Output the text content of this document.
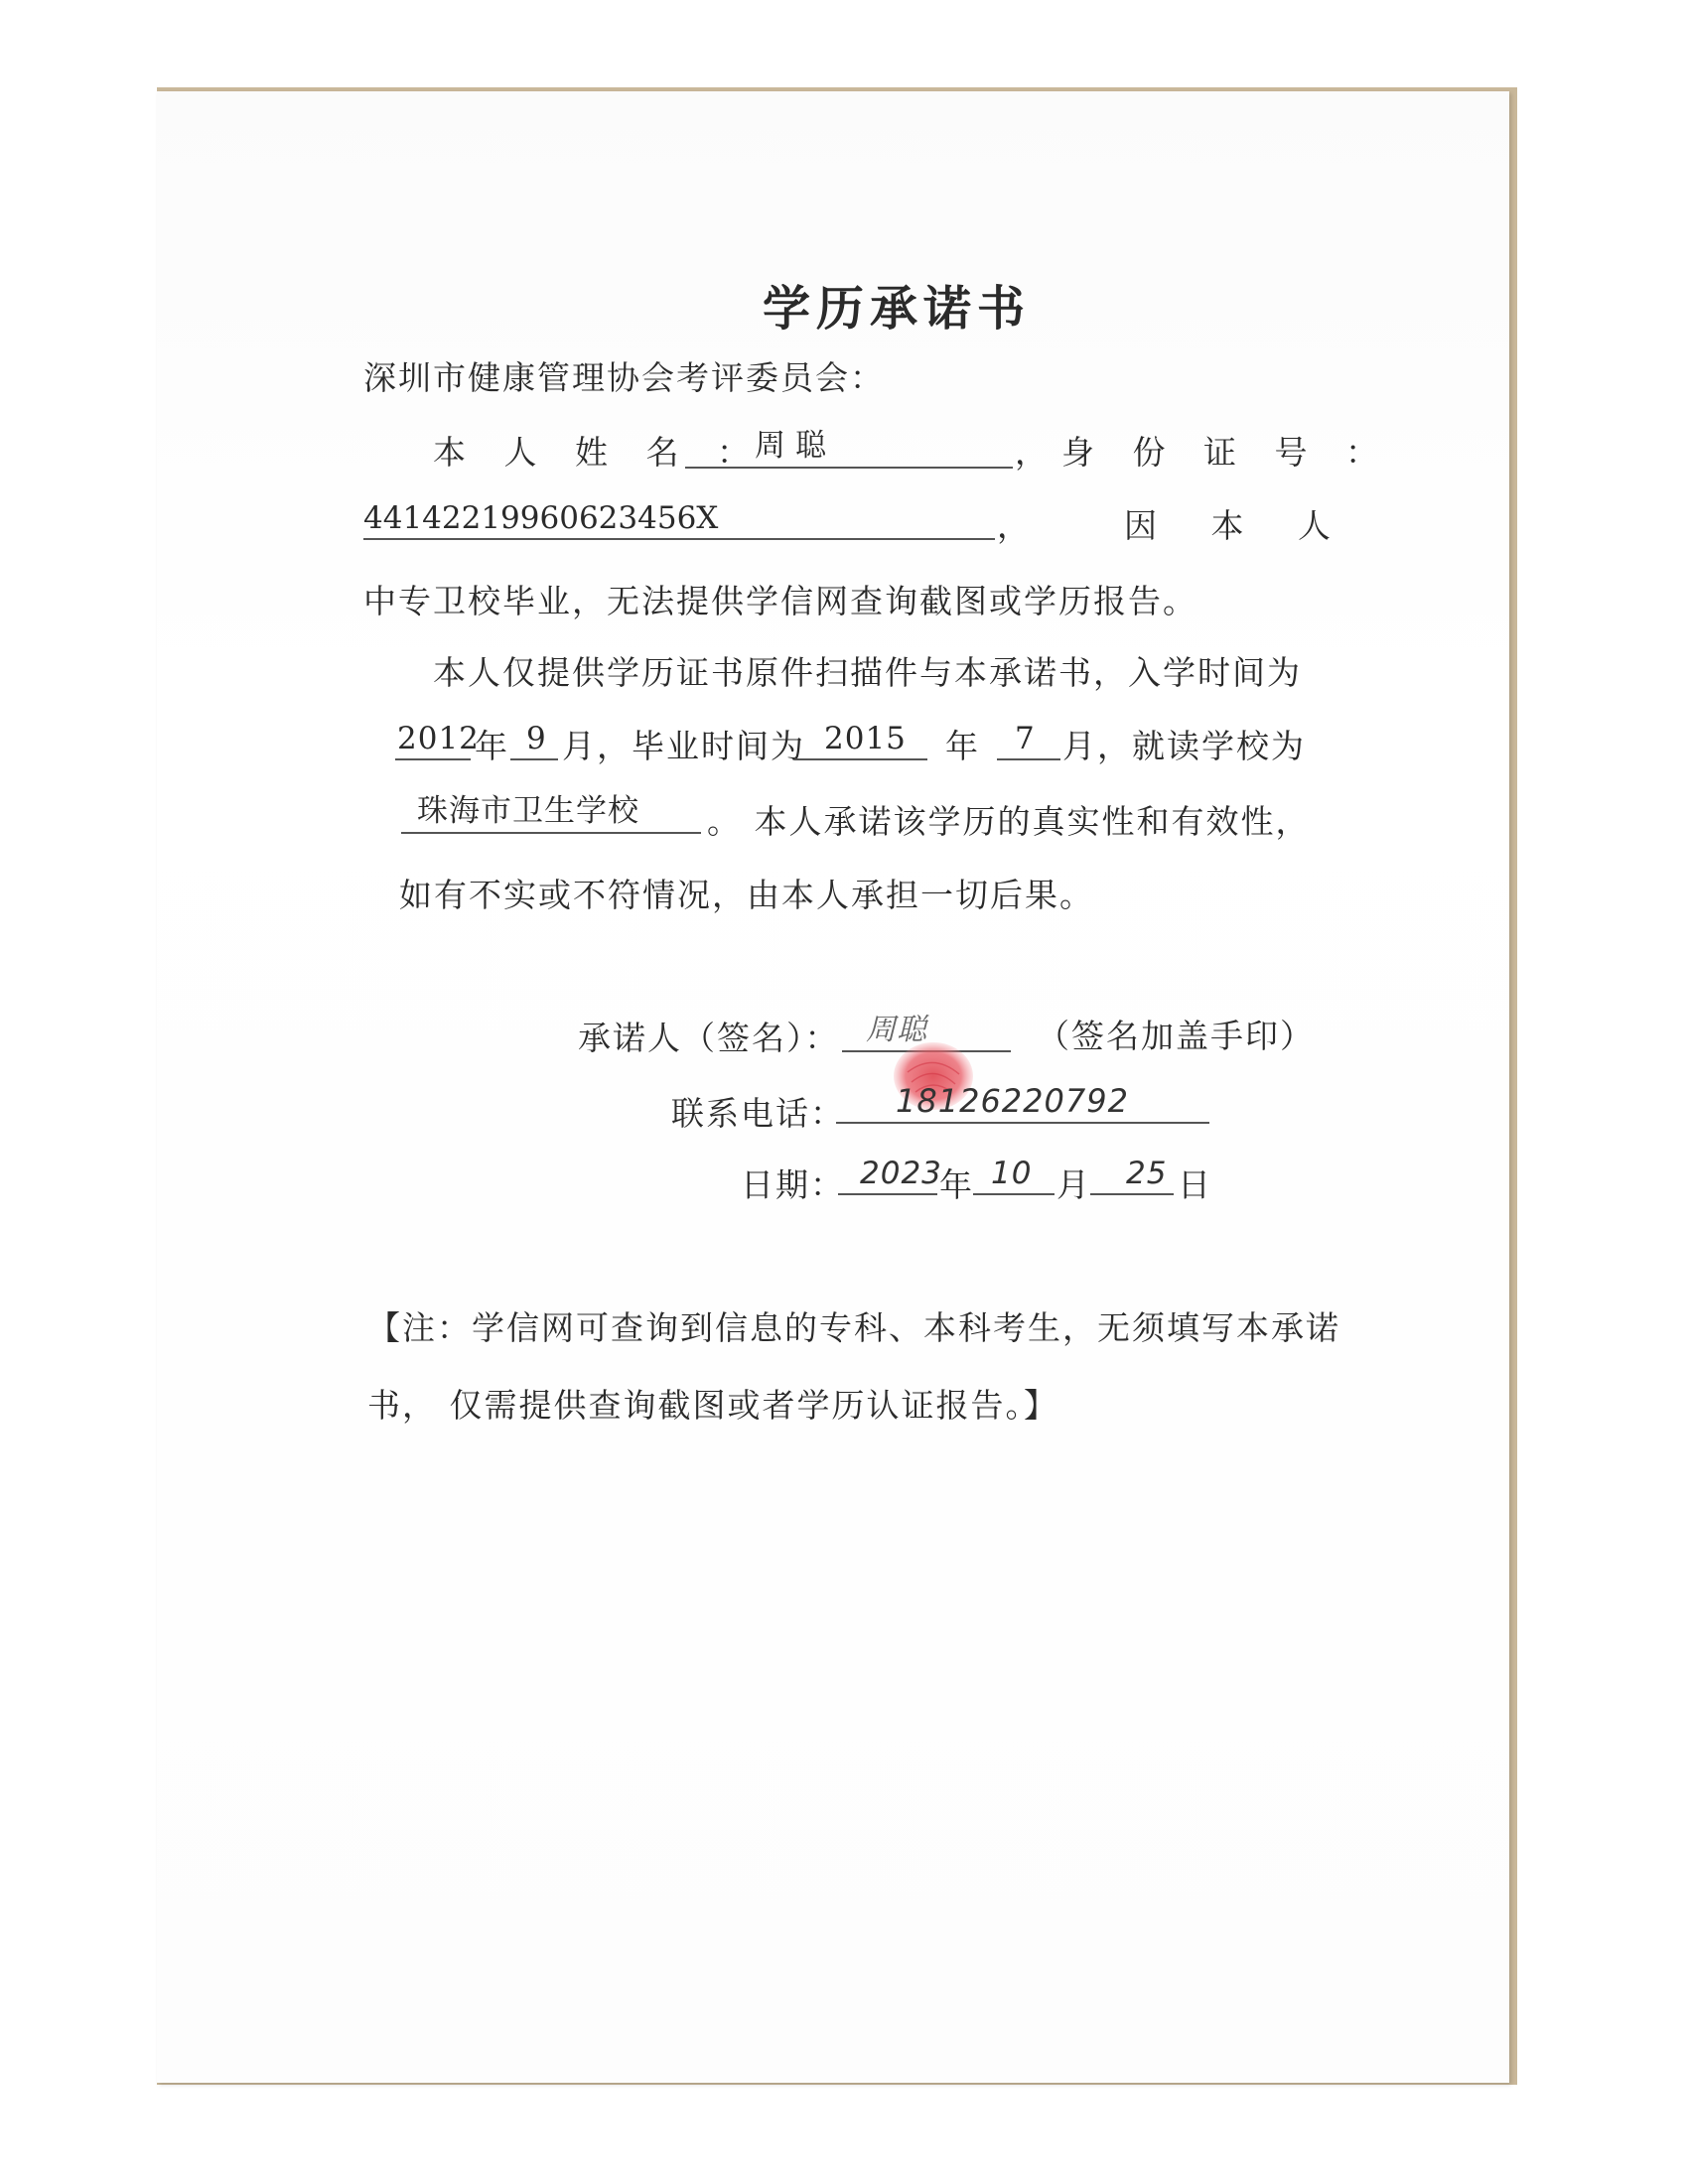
学历承诺书
深圳市健康管理协会考评委员会：
本 人 姓 名 ：
周聪	，身 份 证 号 ：
44142219960623456X	，	因 本 人
中专卫校毕业，无法提供学信网查询截图或学历报告。
本人仅提供学历证书原件扫描件与本承诺书，入学时间为
2012
年 9 月，毕业时间为 2015 年 7 月，就读学校为
珠海市卫生学校 。 本人承诺该学历的真实性和有效性，
如有不实或不符情况，由本人承担一切后果。
承诺人（签名）： 周聪	（签名加盖手印）
联系电话： 18126220792
日期： 2023
年 10 月 25 日
【注：学信网可查询到信息的专科、本科考生，无须填写本承诺
书， 仅需提供查询截图或者学历认证报告。】
